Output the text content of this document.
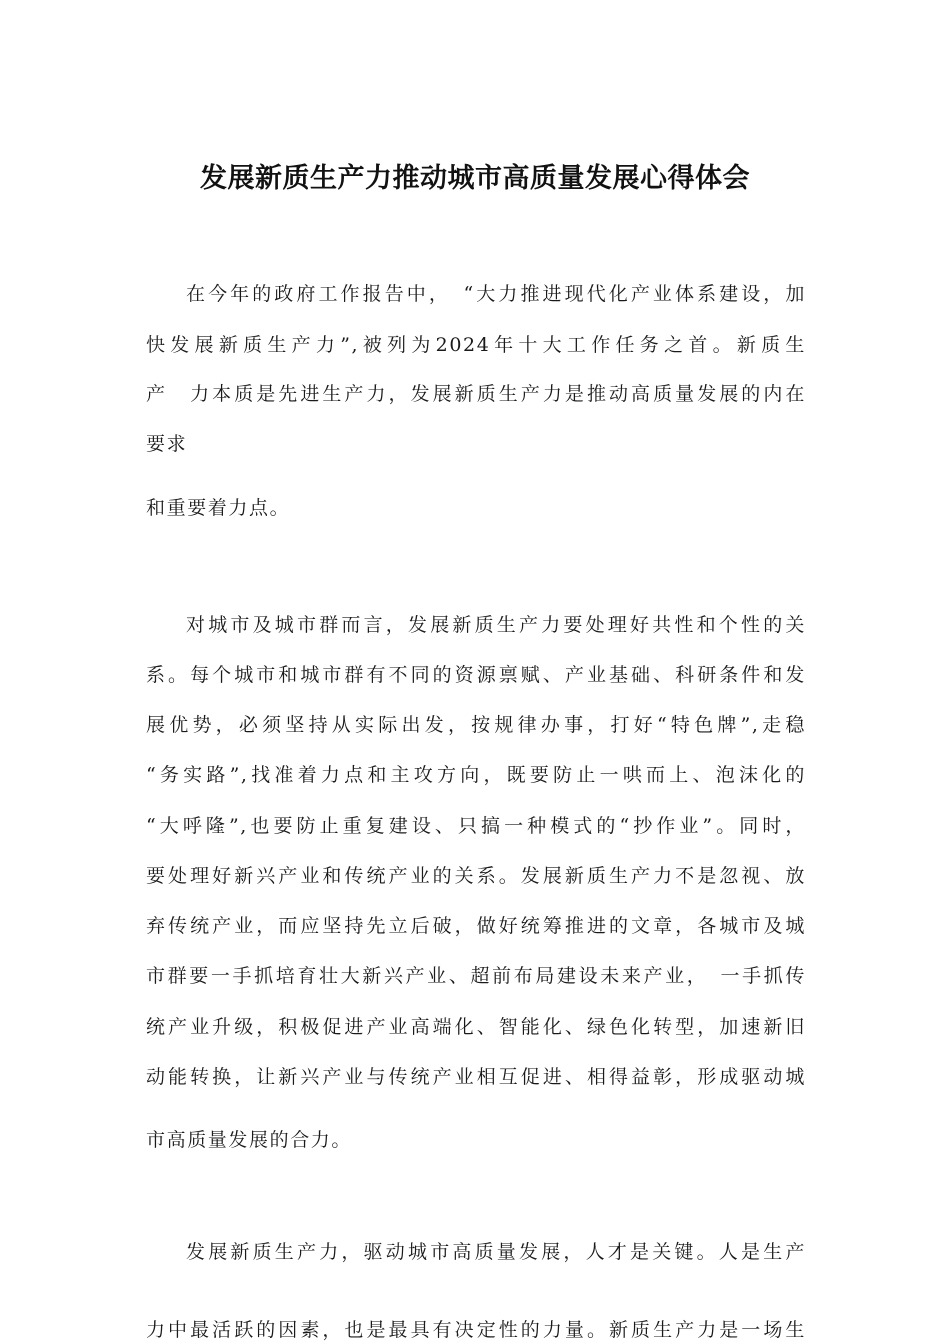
发展新质生产力推动城市高质量发展心得体会

在今年的政府工作报告中，　“大力推进现代化产业体系建设，加

快发展新质生产力”,被列为2024年十大工作任务之首。新质生

产　力本质是先进生产力，发展新质生产力是推动高质量发展的内在

要求

和重要着力点。

对城市及城市群而言，发展新质生产力要处理好共性和个性的关

系。每个城市和城市群有不同的资源禀赋、产业基础、科研条件和发

展优势，必须坚持从实际出发，按规律办事，打好“特色牌”,走稳

“务实路”,找准着力点和主攻方向，既要防止一哄而上、泡沫化的

“大呼隆”,也要防止重复建设、只搞一种模式的“抄作业”。同时，

要处理好新兴产业和传统产业的关系。发展新质生产力不是忽视、放

弃传统产业，而应坚持先立后破，做好统筹推进的文章，各城市及城

市群要一手抓培育壮大新兴产业、超前布局建设未来产业，　一手抓传

统产业升级，积极促进产业高端化、智能化、绿色化转型，加速新旧

动能转换，让新兴产业与传统产业相互促进、相得益彰，形成驱动城

市高质量发展的合力。

发展新质生产力，驱动城市高质量发展，人才是关键。人是生产

力中最活跃的因素，也是最具有决定性的力量。新质生产力是一场生
